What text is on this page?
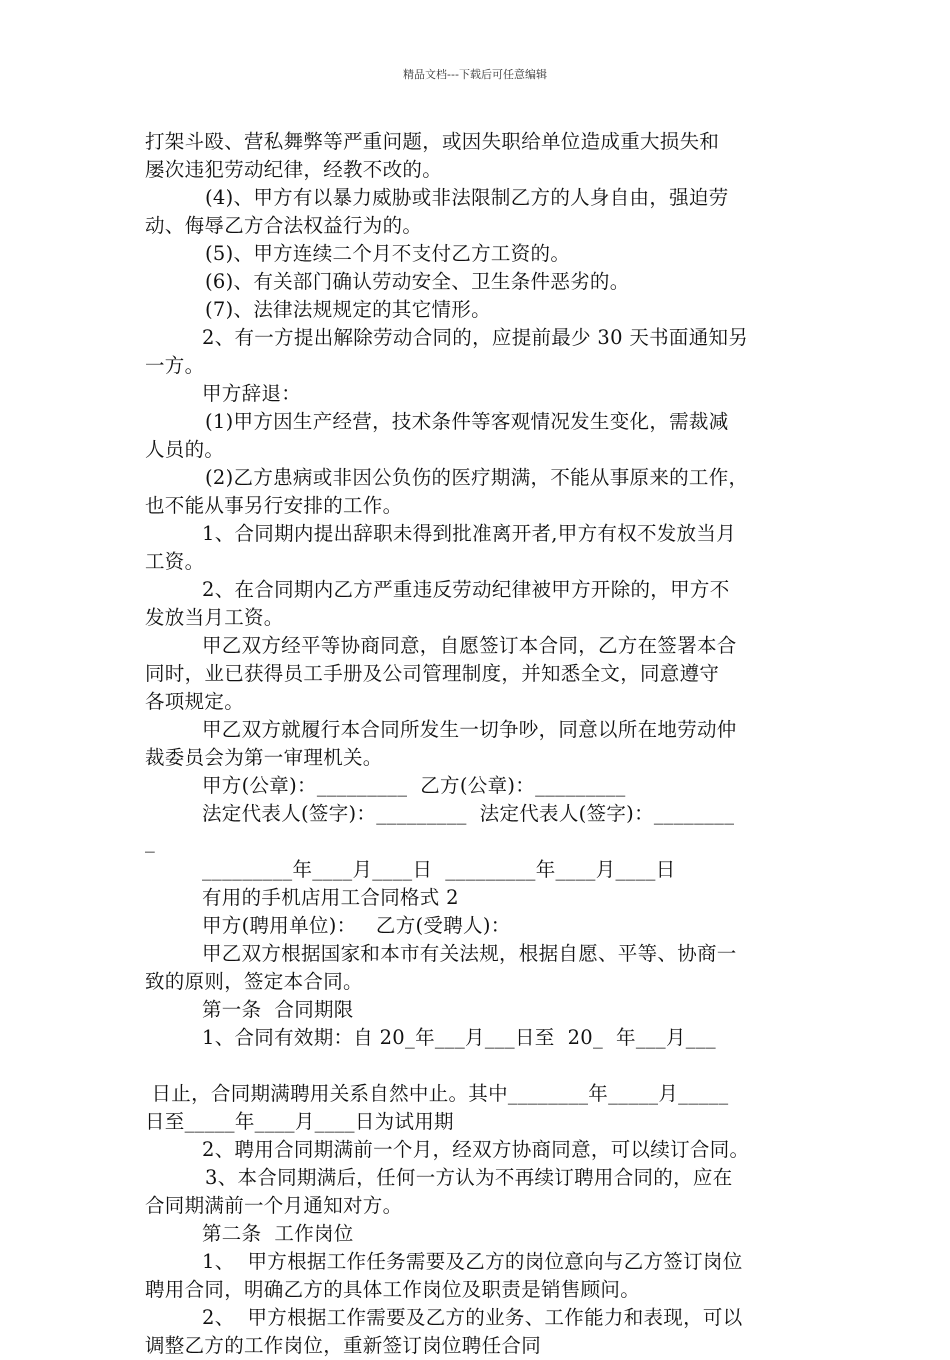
精品文档---下载后可任意编辑

打架斗殴、营私舞弊等严重问题，或因失职给单位造成重大损失和

屡次违犯劳动纪律，经教不改的。

(4)、甲方有以暴力威胁或非法限制乙方的人身自由，强迫劳

动、侮辱乙方合法权益行为的。

(5)、甲方连续二个月不支付乙方工资的。

(6)、有关部门确认劳动安全、卫生条件恶劣的。

(7)、法律法规规定的其它情形。

2、有一方提出解除劳动合同的，应提前最少 30 天书面通知另

一方。

甲方辞退：

(1)甲方因生产经营，技术条件等客观情况发生变化，需裁减

人员的。

(2)乙方患病或非因公负伤的医疗期满，不能从事原来的工作，

也不能从事另行安排的工作。

1、合同期内提出辞职未得到批准离开者,甲方有权不发放当月

工资。

2、在合同期内乙方严重违反劳动纪律被甲方开除的，甲方不

发放当月工资。

甲乙双方经平等协商同意，自愿签订本合同，乙方在签署本合

同时，业已获得员工手册及公司管理制度，并知悉全文，同意遵守

各项规定。

甲乙双方就履行本合同所发生一切争吵，同意以所在地劳动仲

裁委员会为第一审理机关。

甲方(公章)：_________  乙方(公章)：_________

法定代表人(签字)：_________  法定代表人(签字)：________

_

_________年____月____日  _________年____月____日

有用的手机店用工合同格式 2

甲方(聘用单位)：   乙方(受聘人)：

甲乙双方根据国家和本市有关法规，根据自愿、平等、协商一

致的原则，签定本合同。

第一条  合同期限

1、合同有效期：自 20_年___月___日至  20_  年___月___

日止，合同期满聘用关系自然中止。其中________年_____月_____

日至_____年____月____日为试用期

2、聘用合同期满前一个月，经双方协商同意，可以续订合同。

3、本合同期满后，任何一方认为不再续订聘用合同的，应在

合同期满前一个月通知对方。

第二条  工作岗位

1、  甲方根据工作任务需要及乙方的岗位意向与乙方签订岗位

聘用合同，明确乙方的具体工作岗位及职责是销售顾问。

2、  甲方根据工作需要及乙方的业务、工作能力和表现，可以

调整乙方的工作岗位，重新签订岗位聘任合同
